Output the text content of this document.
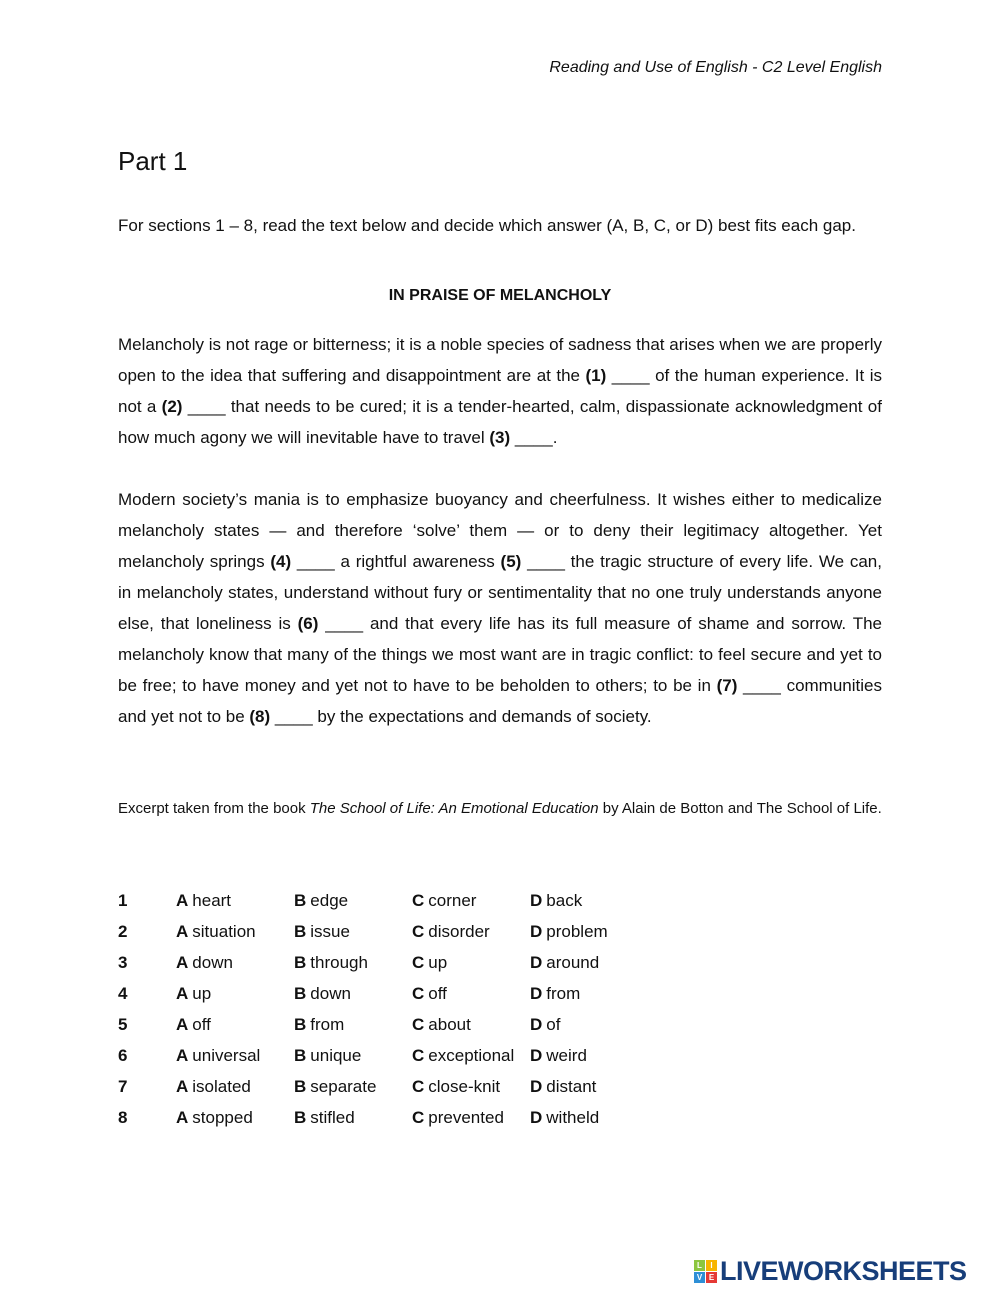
Reading and Use of English - C2 Level English
Part 1
For sections 1 – 8, read the text below and decide which answer (A, B, C, or D) best fits each gap.
IN PRAISE OF MELANCHOLY
Melancholy is not rage or bitterness; it is a noble species of sadness that arises when we are properly open to the idea that suffering and disappointment are at the (1) ____ of the human experience. It is not a (2) ____ that needs to be cured; it is a tender-hearted, calm, dispassionate acknowledgment of how much agony we will inevitable have to travel (3) ____.
Modern society’s mania is to emphasize buoyancy and cheerfulness. It wishes either to medicalize melancholy states — and therefore ‘solve’ them — or to deny their legitimacy altogether. Yet melancholy springs (4) ____ a rightful awareness (5) ____ the tragic structure of every life. We can, in melancholy states, understand without fury or sentimentality that no one truly understands anyone else, that loneliness is (6) ____ and that every life has its full measure of shame and sorrow. The melancholy know that many of the things we most want are in tragic conflict: to feel secure and yet to be free; to have money and yet not to have to be beholden to others; to be in (7) ____ communities and yet not to be (8) ____ by the expectations and demands of society.
Excerpt taken from the book The School of Life: An Emotional Education by Alain de Botton and The School of Life.
1	A heart	B edge	C corner	D back
2	A situation	B issue	C disorder	D problem
3	A down	B through	C up	D around
4	A up	B down	C off	D from
5	A off	B from	C about	D of
6	A universal	B unique	C exceptional D weird
7	A isolated	B separate	C close-knit	D distant
8	A stopped	B stifled	C prevented	D witheld
L	I
V E LIVEWORKSHEETS
